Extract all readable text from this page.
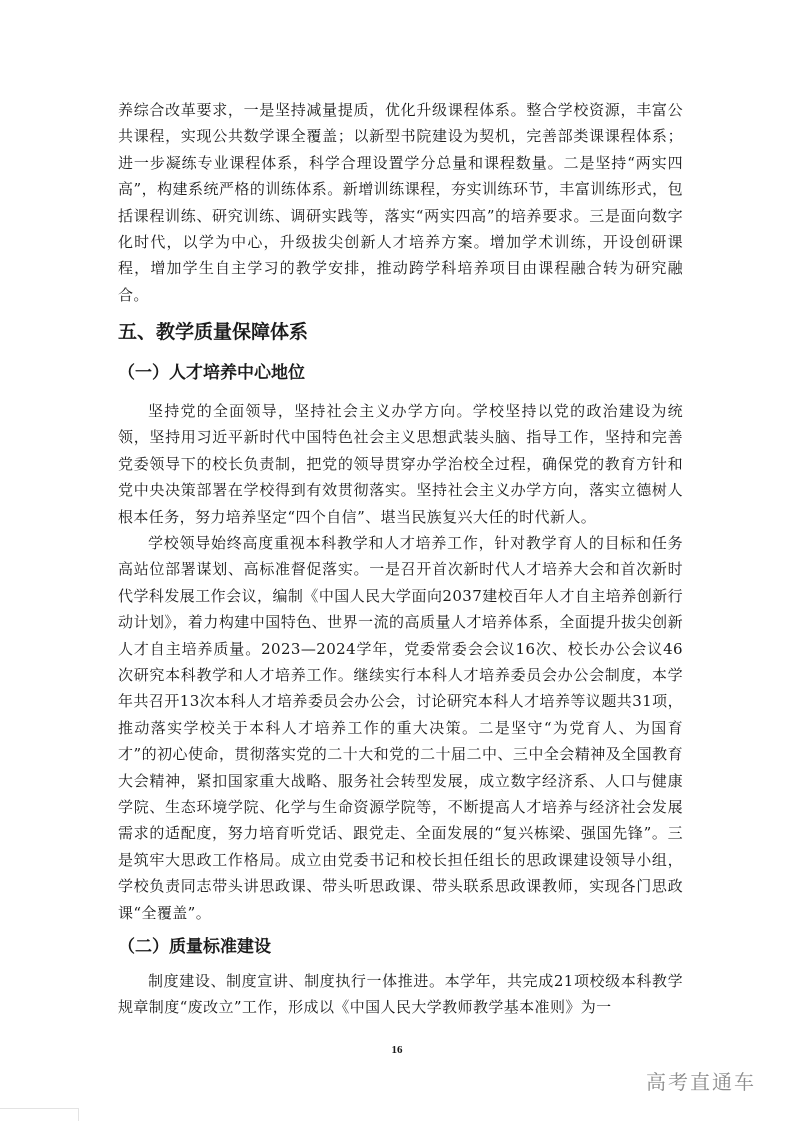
养综合改革要求，一是坚持减量提质，优化升级课程体系。整合学校资源，丰富公共课程，实现公共数学课全覆盖；以新型书院建设为契机，完善部类课课程体系；进一步凝练专业课程体系，科学合理设置学分总量和课程数量。二是坚持“两实四高”，构建系统严格的训练体系。新增训练课程，夯实训练环节，丰富训练形式，包括课程训练、研究训练、调研实践等，落实“两实四高”的培养要求。三是面向数字化时代，以学为中心，升级拔尖创新人才培养方案。增加学术训练，开设创研课程，增加学生自主学习的教学安排，推动跨学科培养项目由课程融合转为研究融合。

五、教学质量保障体系
（一）人才培养中心地位

坚持党的全面领导，坚持社会主义办学方向。学校坚持以党的政治建设为统领，坚持用习近平新时代中国特色社会主义思想武装头脑、指导工作，坚持和完善党委领导下的校长负责制，把党的领导贯穿办学治校全过程，确保党的教育方针和党中央决策部署在学校得到有效贯彻落实。坚持社会主义办学方向，落实立德树人根本任务，努力培养坚定“四个自信”、堪当民族复兴大任的时代新人。

学校领导始终高度重视本科教学和人才培养工作，针对教学育人的目标和任务高站位部署谋划、高标准督促落实。一是召开首次新时代人才培养大会和首次新时代学科发展工作会议，编制《中国人民大学面向2037建校百年人才自主培养创新行动计划》，着力构建中国特色、世界一流的高质量人才培养体系，全面提升拔尖创新人才自主培养质量。2023—2024学年，党委常委会会议16次、校长办公会议46次研究本科教学和人才培养工作。继续实行本科人才培养委员会办公会制度，本学年共召开13次本科人才培养委员会办公会，讨论研究本科人才培养等议题共31项，推动落实学校关于本科人才培养工作的重大决策。二是坚守“为党育人、为国育才”的初心使命，贯彻落实党的二十大和党的二十届二中、三中全会精神及全国教育大会精神，紧扣国家重大战略、服务社会转型发展，成立数字经济系、人口与健康学院、生态环境学院、化学与生命资源学院等，不断提高人才培养与经济社会发展需求的适配度，努力培育听党话、跟党走、全面发展的“复兴栋梁、强国先锋”。三是筑牢大思政工作格局。成立由党委书记和校长担任组长的思政课建设领导小组，学校负责同志带头讲思政课、带头听思政课、带头联系思政课教师，实现各门思政课“全覆盖”。

（二）质量标准建设

制度建设、制度宣讲、制度执行一体推进。本学年，共完成21项校级本科教学规章制度“废改立”工作，形成以《中国人民大学教师教学基本准则》为一

16
高考直通车
